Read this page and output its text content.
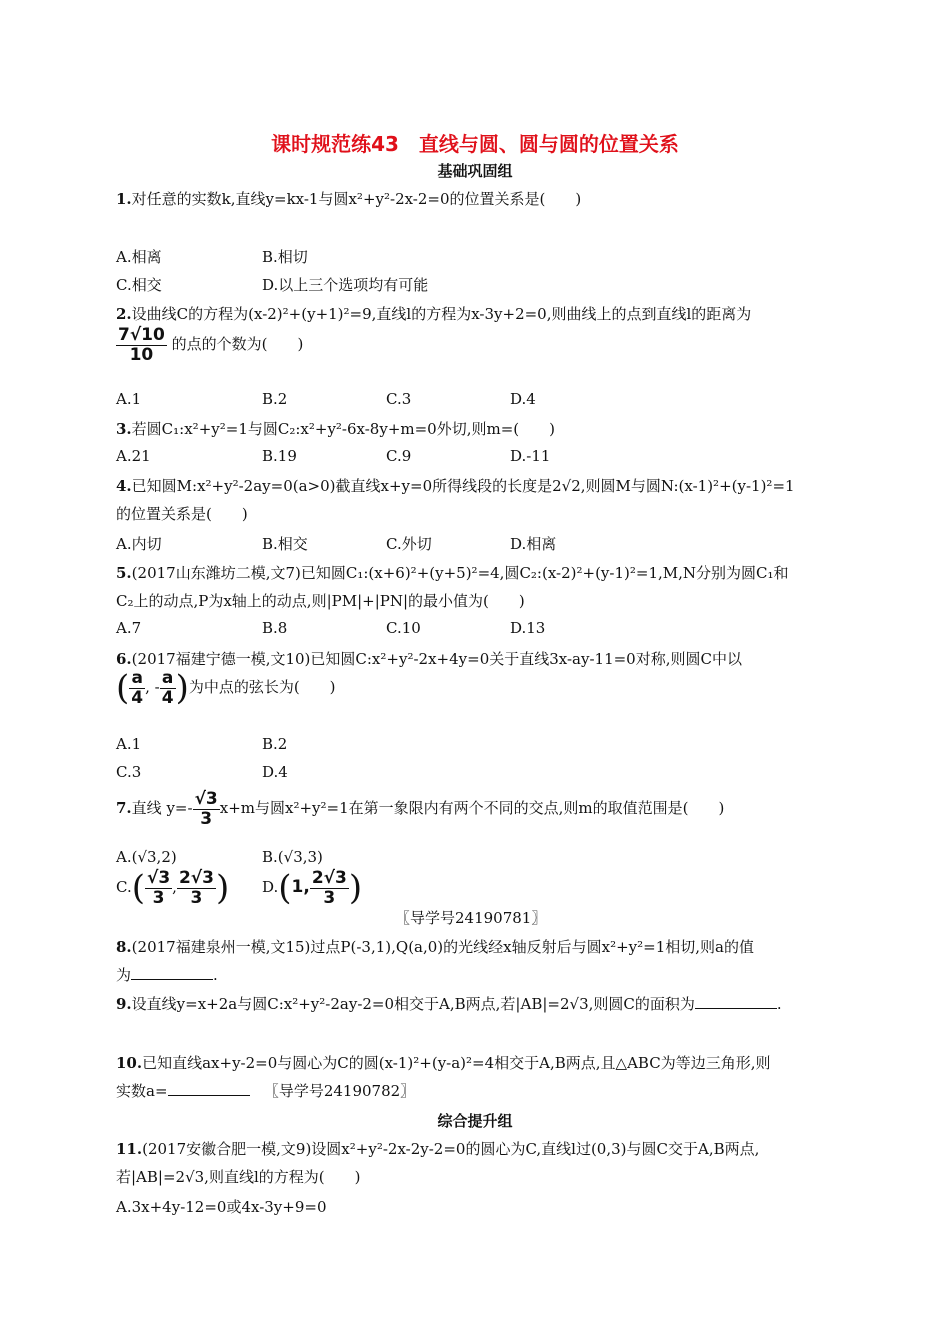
课时规范练43　直线与圆、圆与圆的位置关系
基础巩固组
1.对任意的实数k,直线y=kx-1与圆x²+y²-2x-2=0的位置关系是(　　)
A.相离	B.相切
C.相交	D.以上三个选项均有可能
2.设曲线C的方程为(x-2)²+(y+1)²=9,直线l的方程为x-3y+2=0,则曲线上的点到直线l的距离为
$\frac{7√10}{10}$ 的点的个数为(　　)
A.1	B.2	C.3	D.4
3.若圆C₁:x²+y²=1与圆C₂:x²+y²-6x-8y+m=0外切,则m=(　　)
A.21	B.19	C.9	D.-11
4.已知圆M:x²+y²-2ay=0(a>0)截直线x+y=0所得线段的长度是2√2,则圆M与圆N:(x-1)²+(y-1)²=1
的位置关系是(　　)
A.内切	B.相交	C.外切	D.相离
5.(2017山东潍坊二模,文7)已知圆C₁:(x+6)²+(y+5)²=4,圆C₂:(x-2)²+(y-1)²=1,M,N分别为圆C₁和
C₂上的动点,P为x轴上的动点,则|PM|+|PN|的最小值为(　　)
A.7	B.8	C.10	D.13
6.(2017福建宁德一模,文10)已知圆C:x²+y²-2x+4y=0关于直线3x-ay-11=0对称,则圆C中以
( $\frac{a}{4}$ , - $\frac{a}{4}$ )为中点的弦长为(　　)
A.1	B.2
C.3	D.4
7.直线 $y=- \frac{√3}{3} x+m$与圆x²+y²=1在第一象限内有两个不同的交点,则m的取值范围是(　　)
A.(√3,2)	B.(√3,3)
$C.( \frac{√3}{3}$ , $\frac{2√3}{3}$ ) D.(1, $\frac{2√3}{3}$ )
〖导学号24190781〗
8.(2017福建泉州一模,文15)过点P(-3,1),Q(a,0)的光线经x轴反射后与圆x²+y²=1相切,则a的值
为	.
9.设直线y=x+2a与圆C:x²+y²-2ay-2=0相交于A,B两点,若|AB|=2√3,则圆C的面积为	.
10.已知直线ax+y-2=0与圆心为C的圆(x-1)²+(y-a)²=4相交于A,B两点,且△ABC为等边三角形,则
实数a=	〖导学号24190782〗
综合提升组
11.(2017安徽合肥一模,文9)设圆x²+y²-2x-2y-2=0的圆心为C,直线l过(0,3)与圆C交于A,B两点,
若|AB|=2√3,则直线l的方程为(　　)
A.3x+4y-12=0或4x-3y+9=0
